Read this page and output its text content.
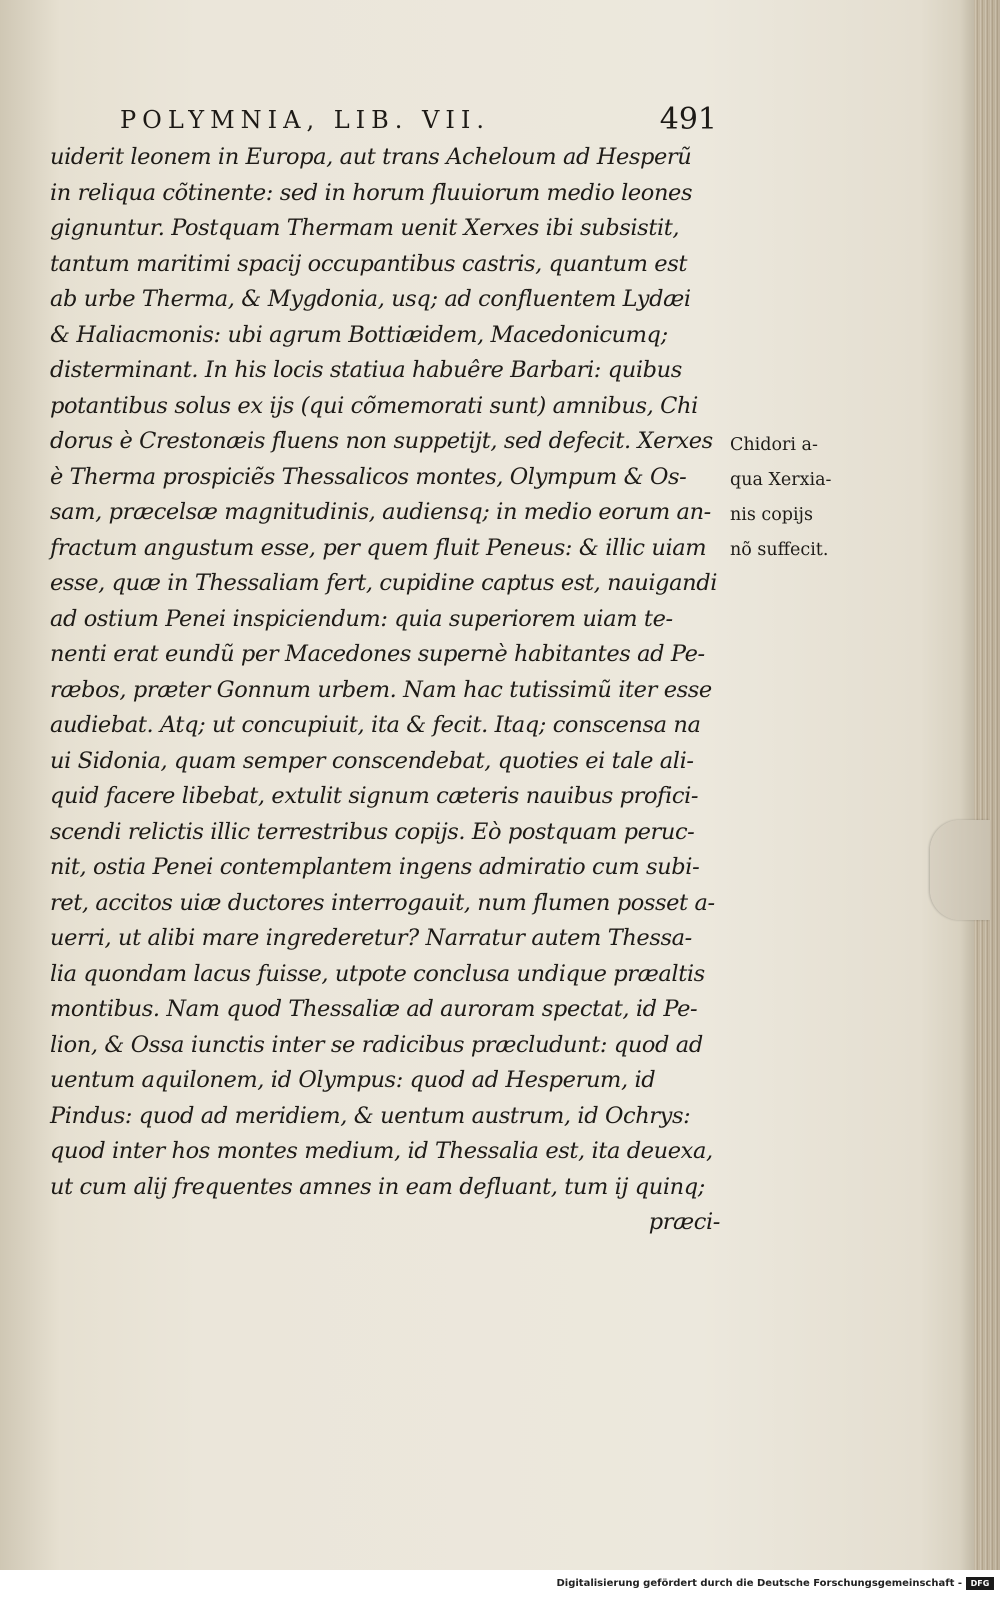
POLYMNIA, LIB. VII.	491
uiderit leonem in Europa, aut trans Acheloum ad Hesperũ
in reliqua cõtinente: sed in horum fluuiorum medio leones
gignuntur. Postquam Thermam uenit Xerxes ibi subsistit,
tantum maritimi spacij occupantibus castris, quantum est
ab urbe Therma, & Mygdonia, usq; ad confluentem Lydæi
& Haliacmonis: ubi agrum Bottiæidem, Macedonicumq;
disterminant. In his locis statiua habuêre Barbari: quibus
potantibus solus ex ijs (qui cõmemorati sunt) amnibus, Chi
dorus è Crestonæis fluens non suppetijt, sed defecit. Xerxes
è Therma prospiciẽs Thessalicos montes, Olympum & Os-
sam, præcelsæ magnitudinis, audiensq; in medio eorum an-
fractum angustum esse, per quem fluit Peneus: & illic uiam
esse, quæ in Thessaliam fert, cupidine captus est, nauigandi
ad ostium Penei inspiciendum: quia superiorem uiam te-
nenti erat eundũ per Macedones supernè habitantes ad Pe-
ræbos, præter Gonnum urbem. Nam hac tutissimũ iter esse
audiebat. Atq; ut concupiuit, ita & fecit. Itaq; conscensa na
ui Sidonia, quam semper conscendebat, quoties ei tale ali-
quid facere libebat, extulit signum cæteris nauibus profici-
scendi relictis illic terrestribus copijs. Eò postquam peruc-
nit, ostia Penei contemplantem ingens admiratio cum subi-
ret, accitos uiæ ductores interrogauit, num flumen posset a-
uerri, ut alibi mare ingrederetur? Narratur autem Thessa-
lia quondam lacus fuisse, utpote conclusa undique præaltis
montibus. Nam quod Thessaliæ ad auroram spectat, id Pe-
lion, & Ossa iunctis inter se radicibus præcludunt: quod ad
uentum aquilonem, id Olympus: quod ad Hesperum, id
Pindus: quod ad meridiem, & uentum austrum, id Ochrys:
quod inter hos montes medium, id Thessalia est, ita deuexa,
ut cum alij frequentes amnes in eam defluant, tum ij quinq;
præci-
Chidori a-
qua Xerxia-
nis copijs
nõ suffecit.
Digitalisierung gefördert durch die Deutsche Forschungsgemeinschaft -	DFG
